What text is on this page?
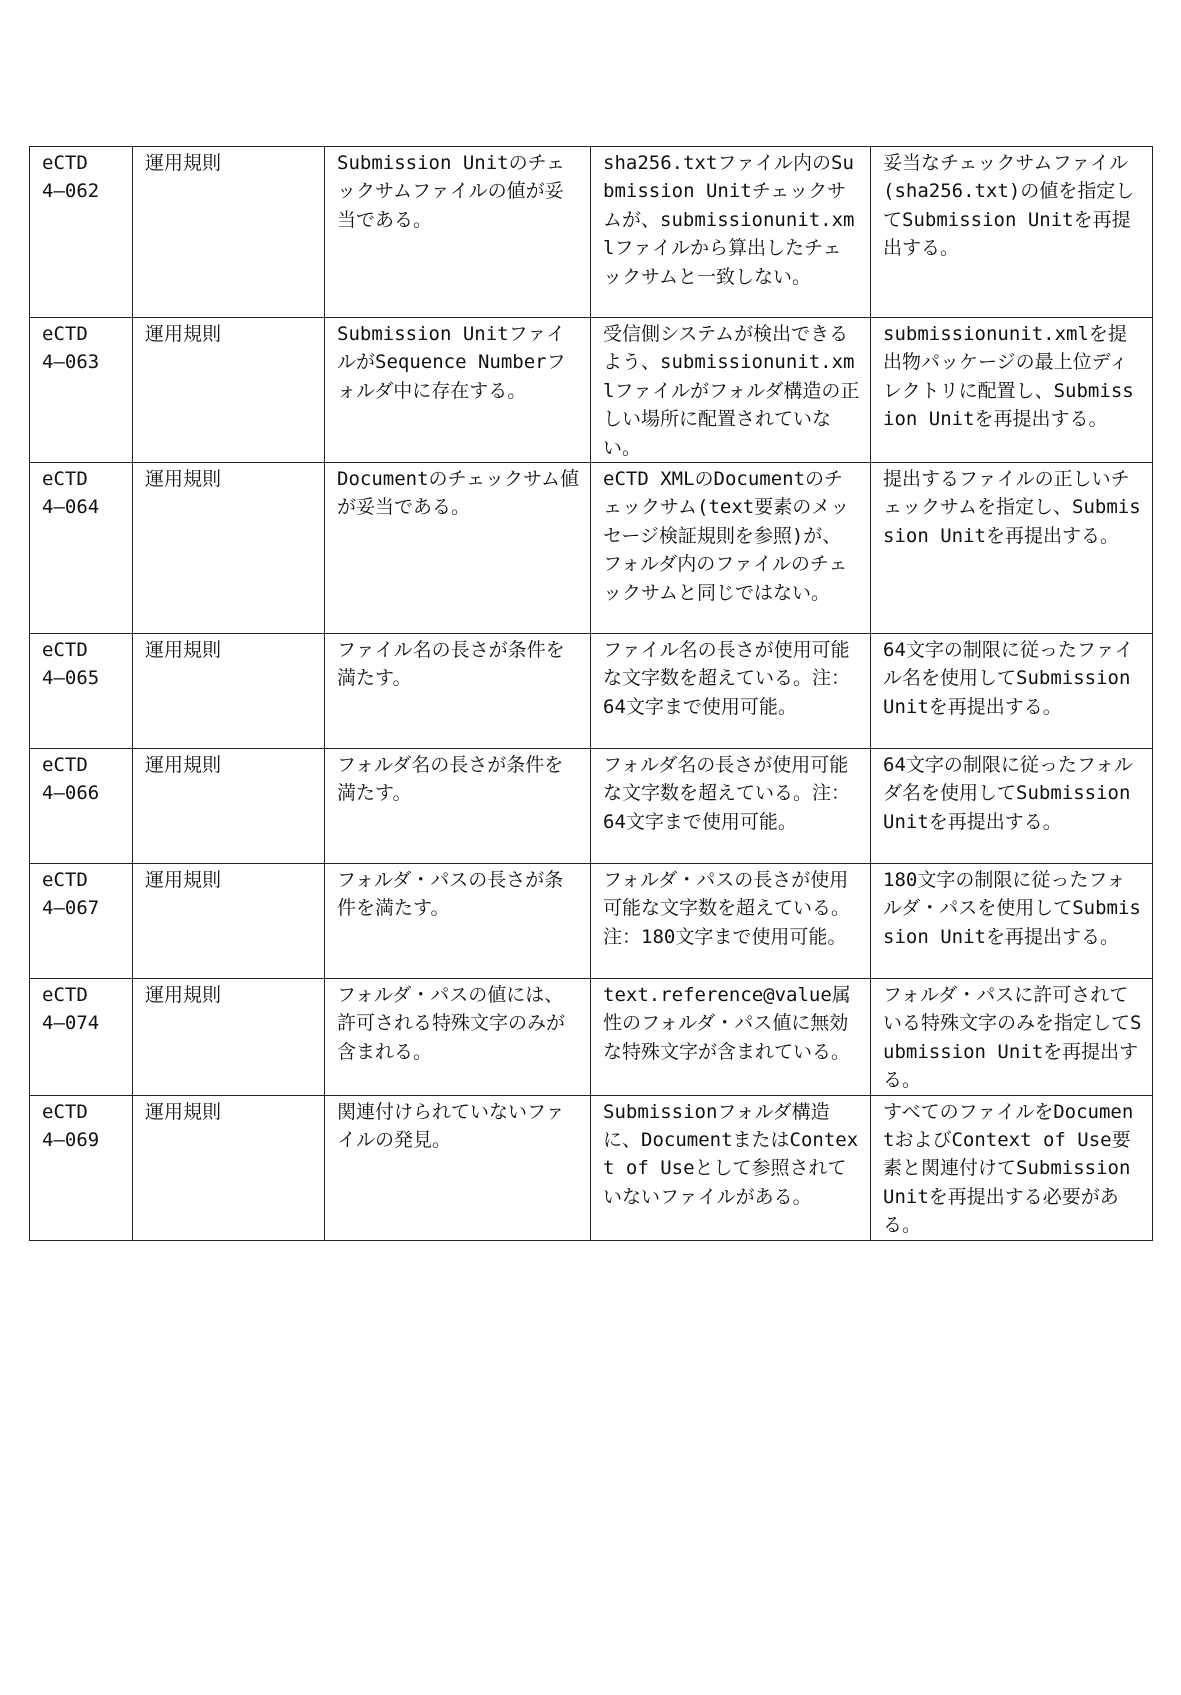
eCTD
4―062	運用規則	Submission Unitのチェックサムファイルの値が妥当である。	sha256.txtファイル内のSubmission Unitチェックサムが、submissionunit.xmlファイルから算出したチェックサムと一致しない。	妥当なチェックサムファイル(sha256.txt)の値を指定してSubmission Unitを再提出する。

eCTD
4―063	運用規則	Submission UnitファイルがSequence Numberフォルダ中に存在する。	受信側システムが検出できるよう、submissionunit.xmlファイルがフォルダ構造の正しい場所に配置されていない。	submissionunit.xmlを提出物パッケージの最上位ディレクトリに配置し、Submission Unitを再提出する。

eCTD
4―064	運用規則	Documentのチェックサム値が妥当である。	eCTD XMLのDocumentのチェックサム(text要素のメッセージ検証規則を参照)が、フォルダ内のファイルのチェックサムと同じではない。	提出するファイルの正しいチェックサムを指定し、Submission Unitを再提出する。

eCTD
4―065	運用規則	ファイル名の長さが条件を満たす。	ファイル名の長さが使用可能な文字数を超えている。注：64文字まで使用可能。	64文字の制限に従ったファイル名を使用してSubmission Unitを再提出する。

eCTD
4―066	運用規則	フォルダ名の長さが条件を満たす。	フォルダ名の長さが使用可能な文字数を超えている。注：64文字まで使用可能。	64文字の制限に従ったフォルダ名を使用してSubmission Unitを再提出する。

eCTD
4―067	運用規則	フォルダ・パスの長さが条件を満たす。	フォルダ・パスの長さが使用可能な文字数を超えている。注：180文字まで使用可能。	180文字の制限に従ったフォルダ・パスを使用してSubmission Unitを再提出する。

eCTD
4―074	運用規則	フォルダ・パスの値には、許可される特殊文字のみが含まれる。	text.reference@value属性のフォルダ・パス値に無効な特殊文字が含まれている。	フォルダ・パスに許可されている特殊文字のみを指定してSubmission Unitを再提出する。

eCTD
4―069	運用規則	関連付けられていないファイルの発見。	Submissionフォルダ構造に、DocumentまたはContext of Useとして参照されていないファイルがある。	すべてのファイルをDocumentおよびContext of Use要素と関連付けてSubmission Unitを再提出する必要がある。
